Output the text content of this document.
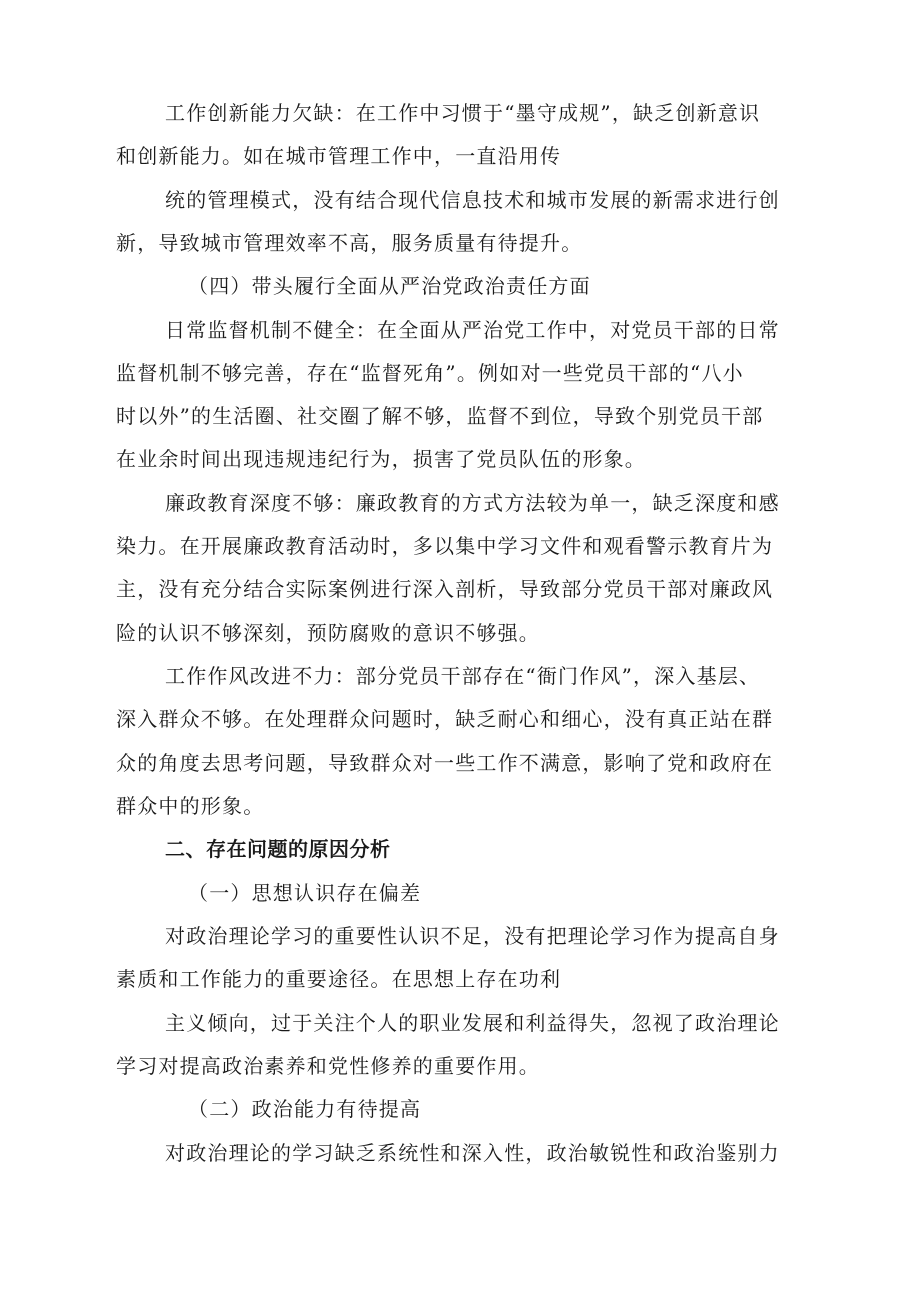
工作创新能力欠缺：在工作中习惯于“墨守成规”，缺乏创新意识
和创新能力。如在城市管理工作中，一直沿用传
统的管理模式，没有结合现代信息技术和城市发展的新需求进行创
新，导致城市管理效率不高，服务质量有待提升。
（四）带头履行全面从严治党政治责任方面
日常监督机制不健全：在全面从严治党工作中，对党员干部的日常
监督机制不够完善，存在“监督死角”。例如对一些党员干部的“八小
时以外”的生活圈、社交圈了解不够，监督不到位，导致个别党员干部
在业余时间出现违规违纪行为，损害了党员队伍的形象。
廉政教育深度不够：廉政教育的方式方法较为单一，缺乏深度和感
染力。在开展廉政教育活动时，多以集中学习文件和观看警示教育片为
主，没有充分结合实际案例进行深入剖析，导致部分党员干部对廉政风
险的认识不够深刻，预防腐败的意识不够强。
工作作风改进不力：部分党员干部存在“衙门作风”，深入基层、
深入群众不够。在处理群众问题时，缺乏耐心和细心，没有真正站在群
众的角度去思考问题，导致群众对一些工作不满意，影响了党和政府在
群众中的形象。
二、存在问题的原因分析
（一）思想认识存在偏差
对政治理论学习的重要性认识不足，没有把理论学习作为提高自身
素质和工作能力的重要途径。在思想上存在功利
主义倾向，过于关注个人的职业发展和利益得失，忽视了政治理论
学习对提高政治素养和党性修养的重要作用。
（二）政治能力有待提高
对政治理论的学习缺乏系统性和深入性，政治敏锐性和政治鉴别力
